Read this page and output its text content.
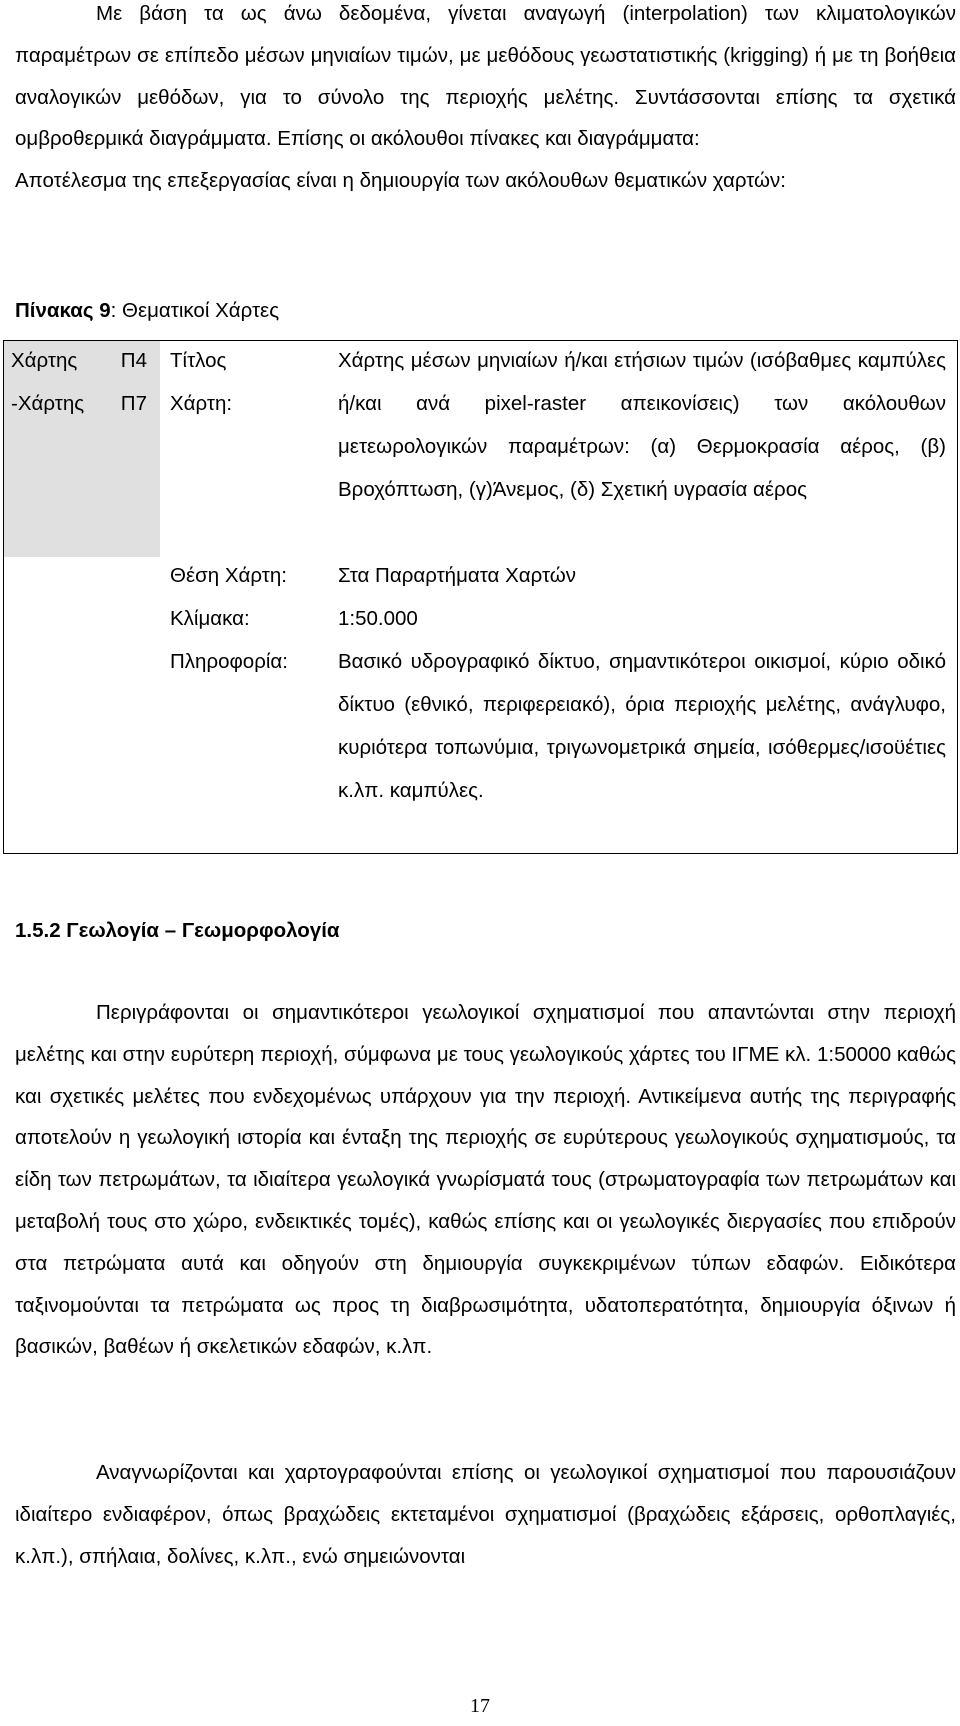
Με βάση τα ως άνω δεδομένα, γίνεται αναγωγή (interpolation) των κλιματολογικών παραμέτρων σε επίπεδο μέσων μηνιαίων τιμών, με μεθόδους γεωστατιστικής (krigging) ή με τη βοήθεια αναλογικών μεθόδων, για το σύνολο της περιοχής μελέτης. Συντάσσονται επίσης τα σχετικά ομβροθερμικά διαγράμματα. Επίσης οι ακόλουθοι πίνακες και διαγράμματα:

Αποτέλεσμα της επεξεργασίας είναι η δημιουργία των ακόλουθων θεματικών χαρτών:

Πίνακας 9: Θεματικοί Χάρτες
Χάρτης Π4 -Χάρτης Π7
Τίτλος Χάρτη:
Χάρτης μέσων μηνιαίων ή/και ετήσιων τιμών (ισόβαθμες καμπύλες ή/και ανά pixel-raster απεικονίσεις) των ακόλουθων μετεωρολογικών παραμέτρων: (α) Θερμοκρασία αέρος, (β) Βροχόπτωση, (γ)Άνεμος, (δ) Σχετική υγρασία αέρος
Θέση Χάρτη: Στα Παραρτήματα Χαρτών
Κλίμακα:	1:50.000
Πληροφορία: Βασικό υδρογραφικό δίκτυο, σημαντικότεροι οικισμοί, κύριο οδικό δίκτυο (εθνικό, περιφερειακό), όρια περιοχής μελέτης, ανάγλυφο, κυριότερα τοπωνύμια, τριγωνομετρικά σημεία, ισόθερμες/ισοϋέτιες κ.λπ. καμπύλες.
1.5.2 Γεωλογία – Γεωμορφολογία

Περιγράφονται οι σημαντικότεροι γεωλογικοί σχηματισμοί που απαντώνται στην περιοχή μελέτης και στην ευρύτερη περιοχή, σύμφωνα με τους γεωλογικούς χάρτες του ΙΓΜΕ κλ. 1:50000 καθώς και σχετικές μελέτες που ενδεχομένως υπάρχουν για την περιοχή. Αντικείμενα αυτής της περιγραφής αποτελούν η γεωλογική ιστορία και ένταξη της περιοχής σε ευρύτερους γεωλογικούς σχηματισμούς, τα είδη των πετρωμάτων, τα ιδιαίτερα γεωλογικά γνωρίσματά τους (στρωματογραφία των πετρωμάτων και μεταβολή τους στο χώρο, ενδεικτικές τομές), καθώς επίσης και οι γεωλογικές διεργασίες που επιδρούν στα πετρώματα αυτά και οδηγούν στη δημιουργία συγκεκριμένων τύπων εδαφών. Ειδικότερα ταξινομούνται τα πετρώματα ως προς τη διαβρωσιμότητα, υδατοπερατότητα, δημιουργία όξινων ή βασικών, βαθέων ή σκελετικών εδαφών, κ.λπ.

Αναγνωρίζονται και χαρτογραφούνται επίσης οι γεωλογικοί σχηματισμοί που παρουσιάζουν ιδιαίτερο ενδιαφέρον, όπως βραχώδεις εκτεταμένοι σχηματισμοί (βραχώδεις εξάρσεις, ορθοπλαγιές, κ.λπ.), σπήλαια, δολίνες, κ.λπ., ενώ σημειώνονται

17
